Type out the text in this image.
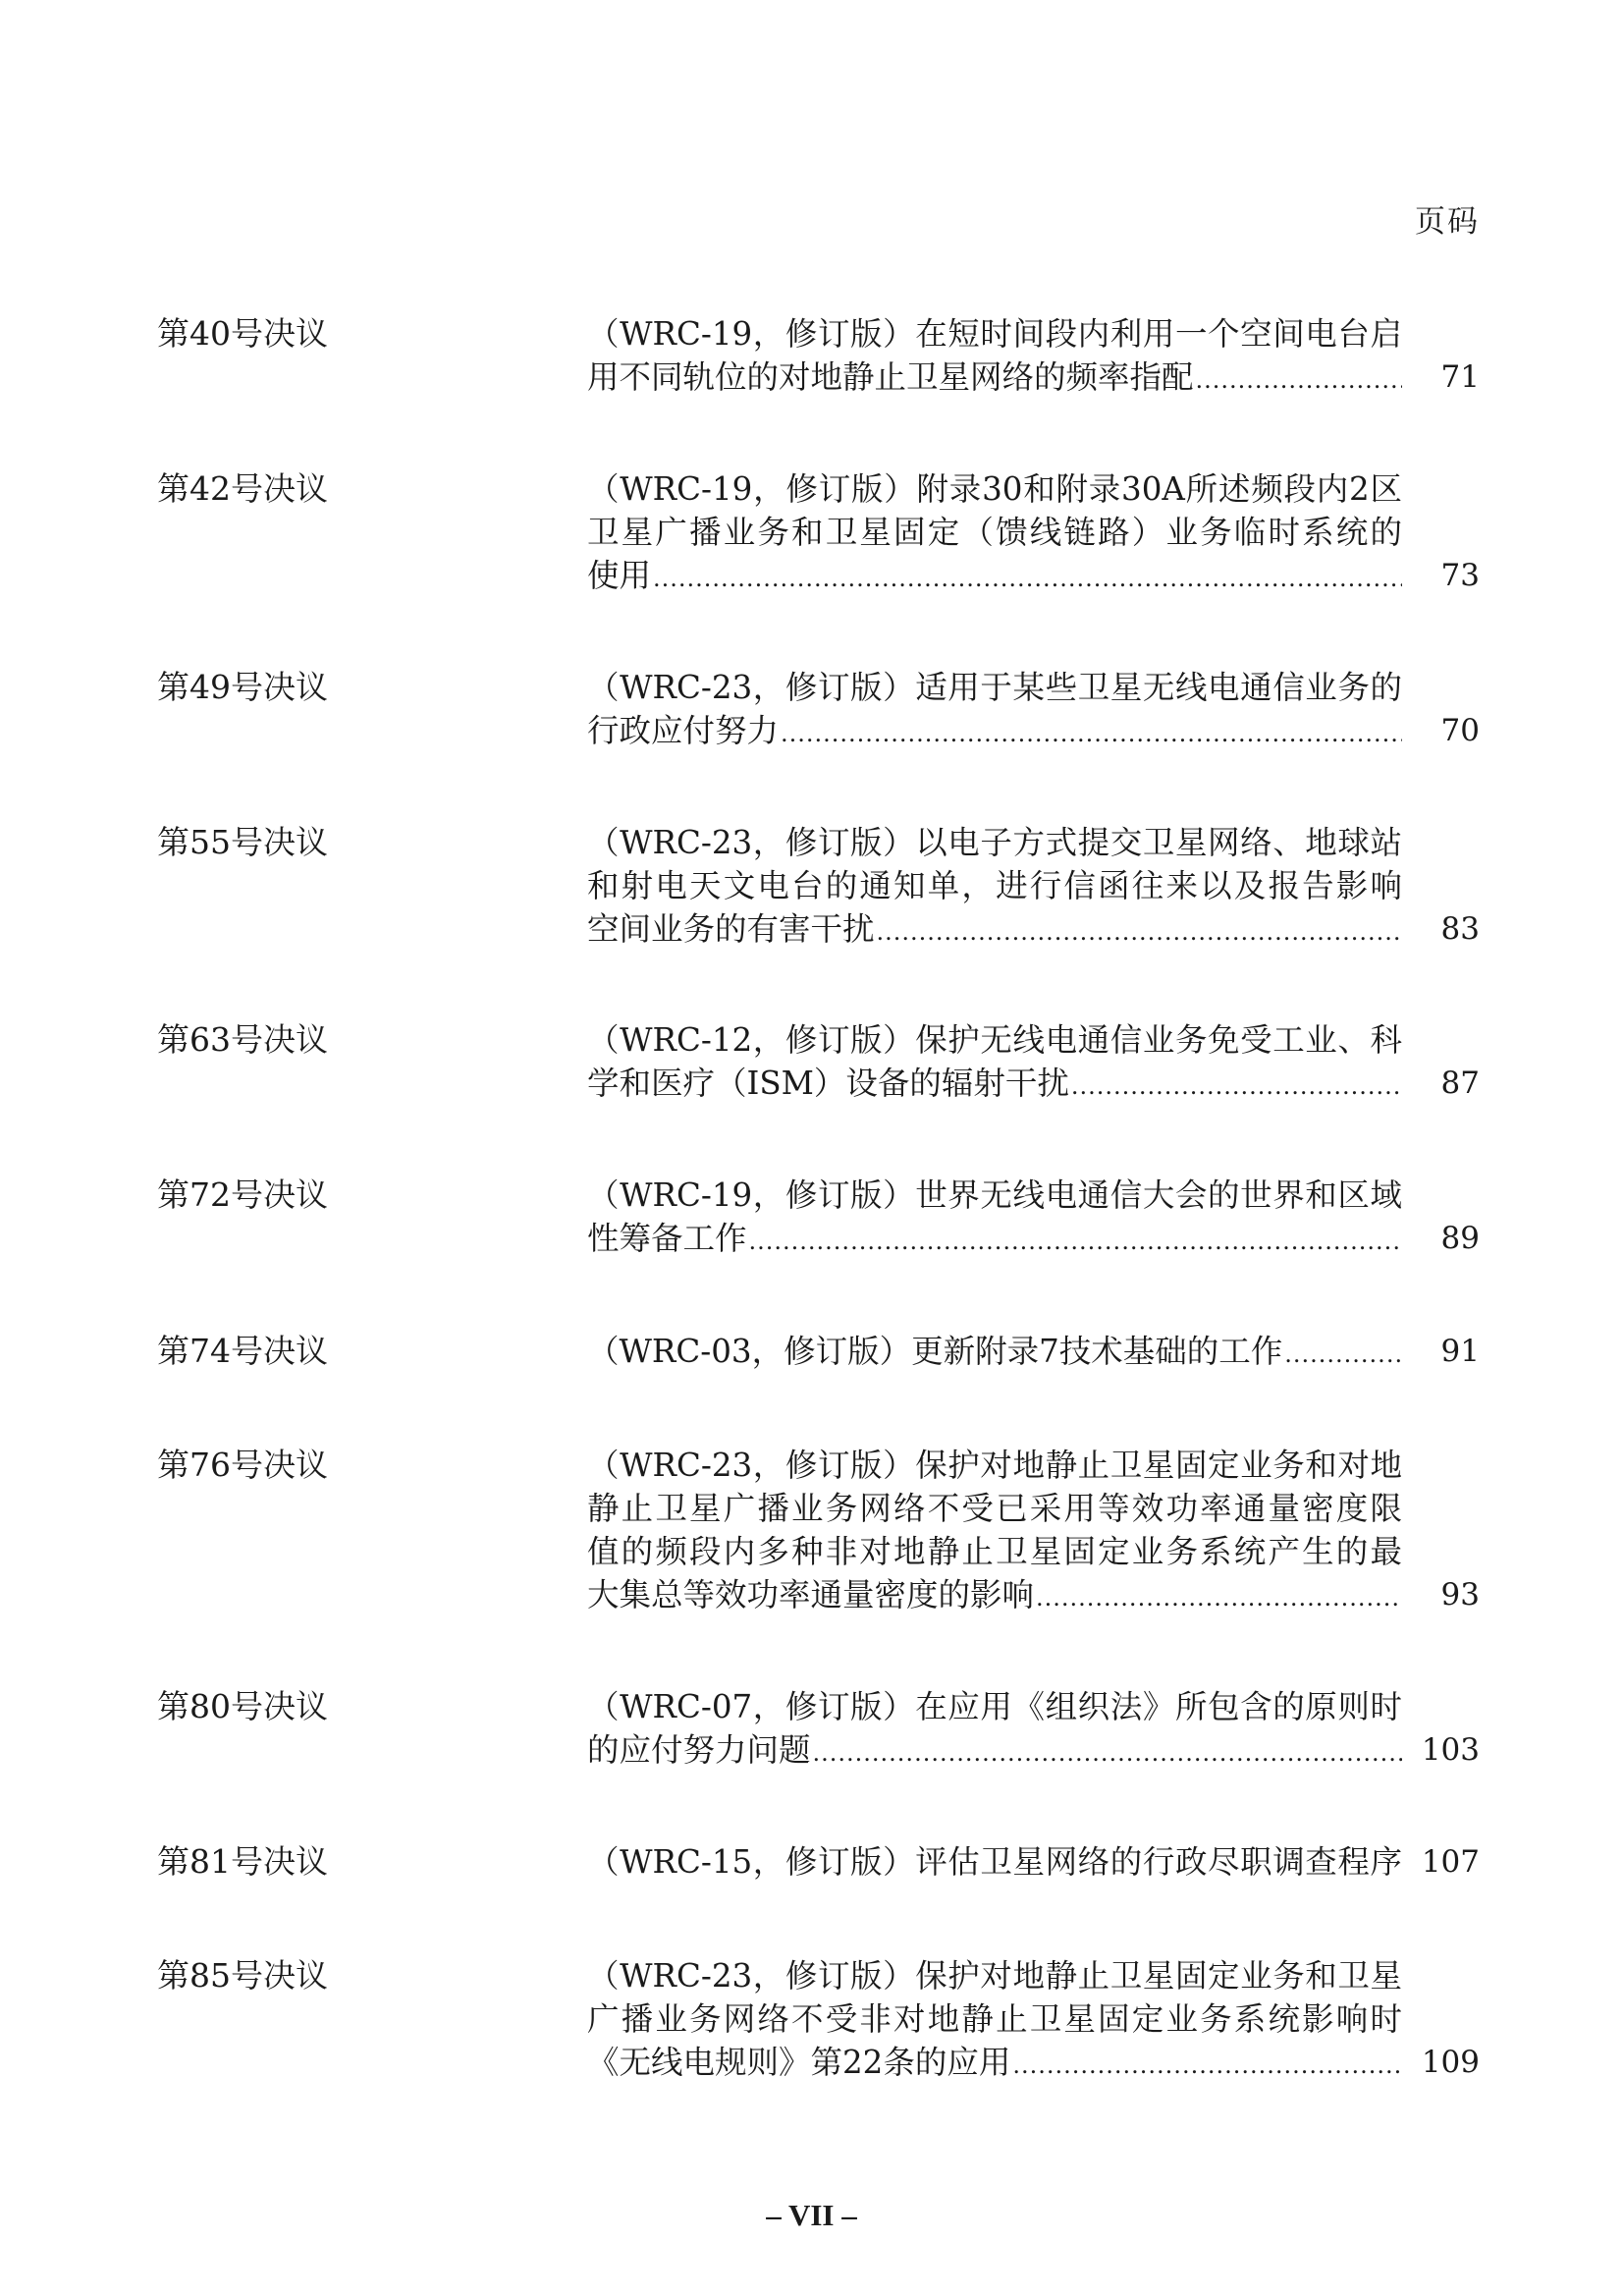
页码
第40号决议	（WRC-19，修订版）在短时间段内利用一个空间电台启
用不同轨位的对地静止卫星网络的频率指配 .....	71
第42号决议	（WRC-19，修订版）附录30和附录30A所述频段内2区
卫星广播业务和卫星固定（馈线链路）业务临时系统的
使用 .....	73
第49号决议	（WRC-23，修订版）适用于某些卫星无线电通信业务的
行政应付努力 .....	70
第55号决议	（WRC-23，修订版）以电子方式提交卫星网络、地球站
和射电天文电台的通知单，进行信函往来以及报告影响
空间业务的有害干扰 .....	83
第63号决议	（WRC-12，修订版）保护无线电通信业务免受工业、科
学和医疗（ISM）设备的辐射干扰 .....	87
第72号决议	（WRC-19，修订版）世界无线电通信大会的世界和区域
性筹备工作 .....	89
第74号决议	（WRC-03，修订版）更新附录7技术基础的工作 .....	91
第76号决议	（WRC-23，修订版）保护对地静止卫星固定业务和对地
静止卫星广播业务网络不受已采用等效功率通量密度限
值的频段内多种非对地静止卫星固定业务系统产生的最
大集总等效功率通量密度的影响 .....	93
第80号决议	（WRC-07，修订版）在应用《组织法》所包含的原则时
的应付努力问题 .....	103
第81号决议	（WRC-15，修订版）评估卫星网络的行政尽职调查程序 107
第85号决议	（WRC-23，修订版）保护对地静止卫星固定业务和卫星
广播业务网络不受非对地静止卫星固定业务系统影响时
《无线电规则》第22条的应用 .....	109
– VII –
